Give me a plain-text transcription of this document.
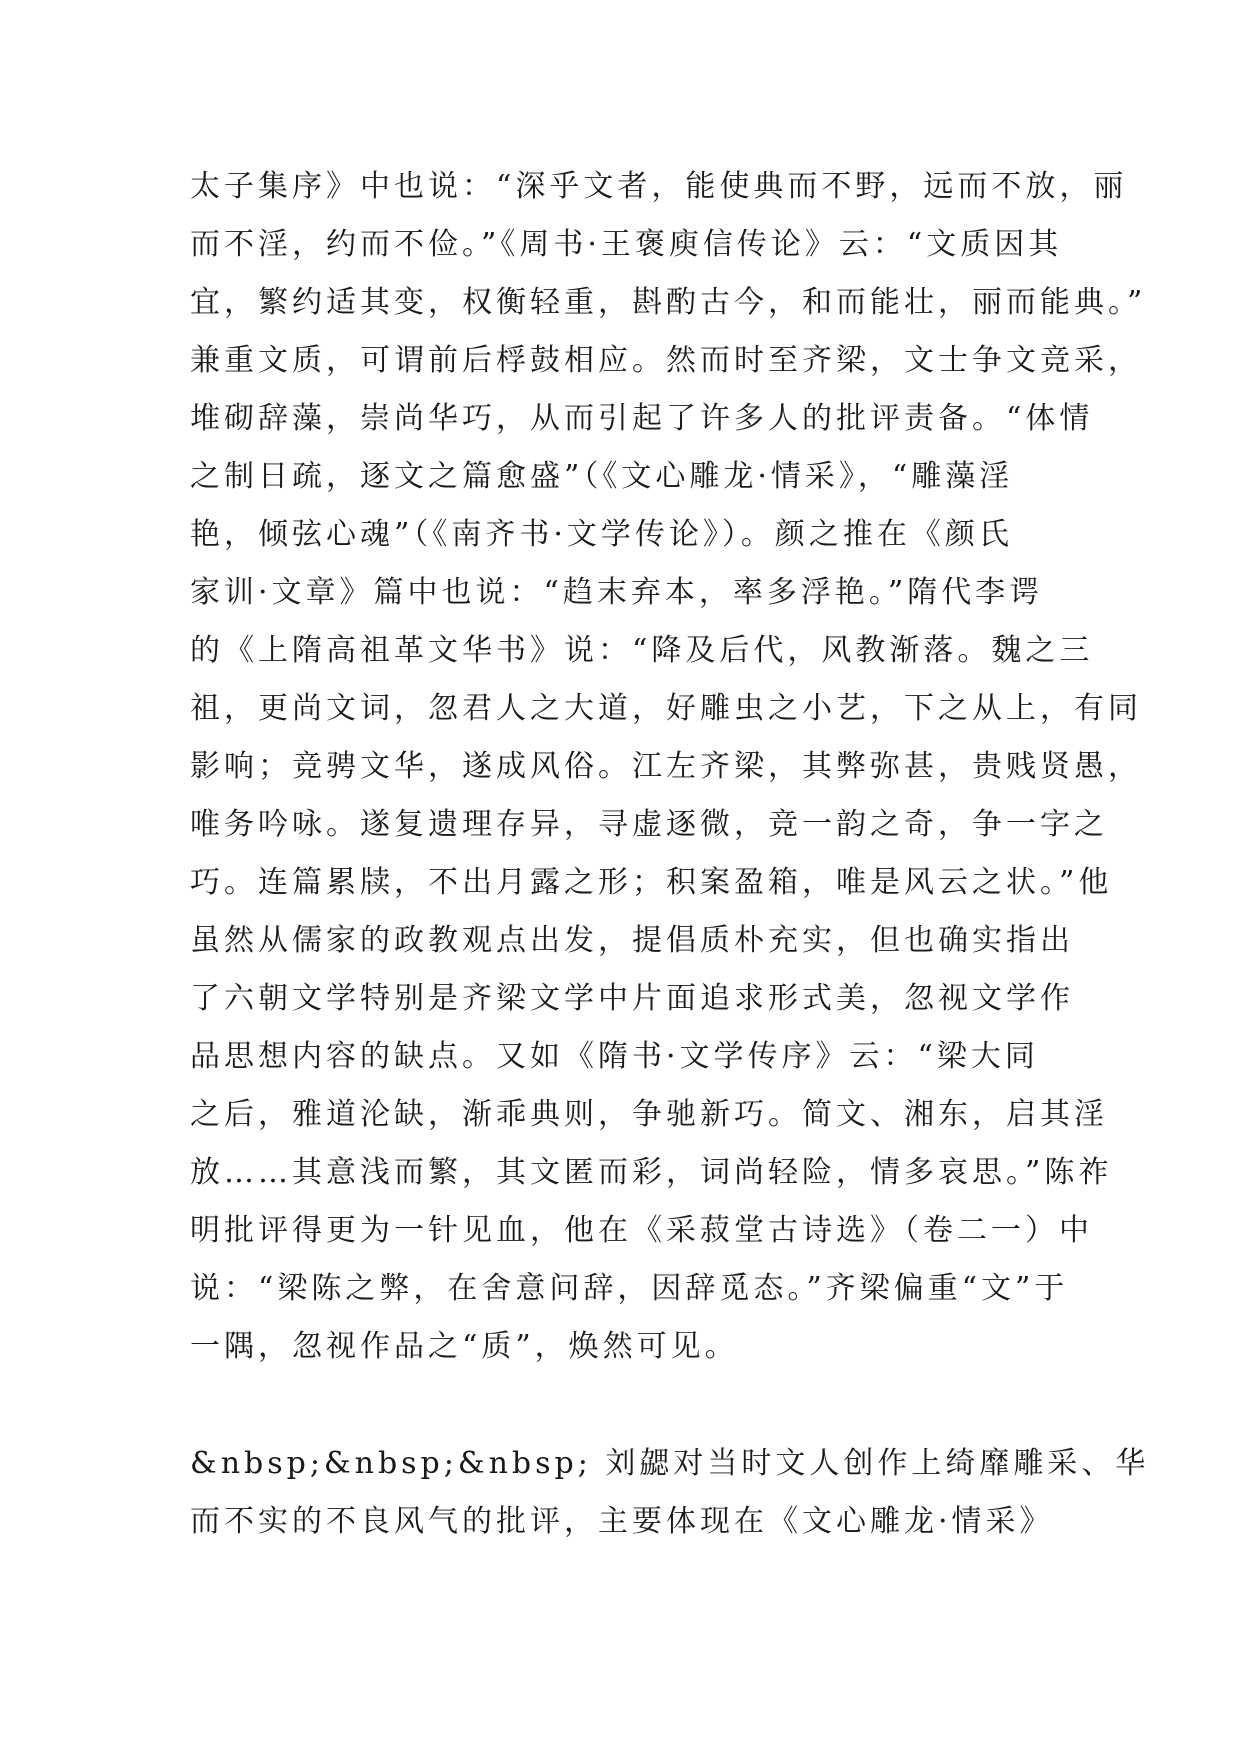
太子集序》中也说：“深乎文者，能使典而不野，远而不放，丽
而不淫，约而不俭。”《周书·王褒庾信传论》云：“文质因其
宜，繁约适其变，权衡轻重，斟酌古今，和而能壮，丽而能典。”
兼重文质，可谓前后桴鼓相应。然而时至齐梁，文士争文竞采，
堆砌辞藻，崇尚华巧，从而引起了许多人的批评责备。“体情
之制日疏，逐文之篇愈盛”（《文心雕龙·情采》，“雕藻淫
艳，倾弦心魂”（《南齐书·文学传论》）。颜之推在《颜氏
家训·文章》篇中也说：“趋末弃本，率多浮艳。”隋代李谔
的《上隋高祖革文华书》说：“降及后代，风教渐落。魏之三
祖，更尚文词，忽君人之大道，好雕虫之小艺，下之从上，有同
影响；竞骋文华，遂成风俗。江左齐梁，其弊弥甚，贵贱贤愚，
唯务吟咏。遂复遗理存异，寻虚逐微，竞一韵之奇，争一字之
巧。连篇累牍，不出月露之形；积案盈箱，唯是风云之状。”他
虽然从儒家的政教观点出发，提倡质朴充实，但也确实指出
了六朝文学特别是齐梁文学中片面追求形式美，忽视文学作
品思想内容的缺点。又如《隋书·文学传序》云：“梁大同
之后，雅道沦缺，渐乖典则，争驰新巧。简文、湘东，启其淫
放……其意浅而繁，其文匿而彩，词尚轻险，情多哀思。”陈祚
明批评得更为一针见血，他在《采菽堂古诗选》（卷二一）中
说：“梁陈之弊，在舍意问辞，因辞觅态。”齐梁偏重“文”于
一隅，忽视作品之“质”，焕然可见。
&nbsp;&nbsp;&nbsp; 刘勰对当时文人创作上绮靡雕采、华
而不实的不良风气的批评，主要体现在《文心雕龙·情采》
